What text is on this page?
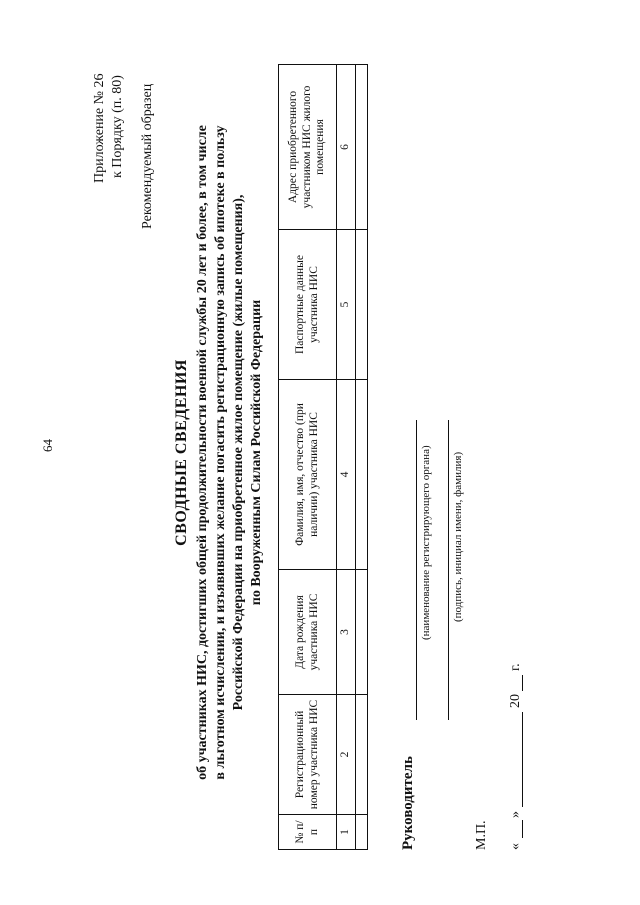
64
Приложение № 26 к Порядку (п. 80) Рекомендуемый образец
СВОДНЫЕ СВЕДЕНИЯ об участниках НИС, достигших общей продолжительности военной службы 20 лет и более, в том числе в льготном исчислении, и изъявивших желание погасить регистрационную запись об ипотеке в пользу Российской Федерации на приобретенное жилое помещение (жилые помещения), по Вооруженным Силам Российской Федерации
№ п/п	Регистрационный номер участника НИС	Дата рождения участника НИС	Фамилия, имя, отчество (при наличии) участника НИС	Паспортные данные участника НИС	Адрес приобретенного участником НИС жилого помещения
1	2	3	4	5	6

Руководитель
(наименование регистрирующего органа) (подпись, инициал имени, фамилия)
М.П. «
»
20
г.
